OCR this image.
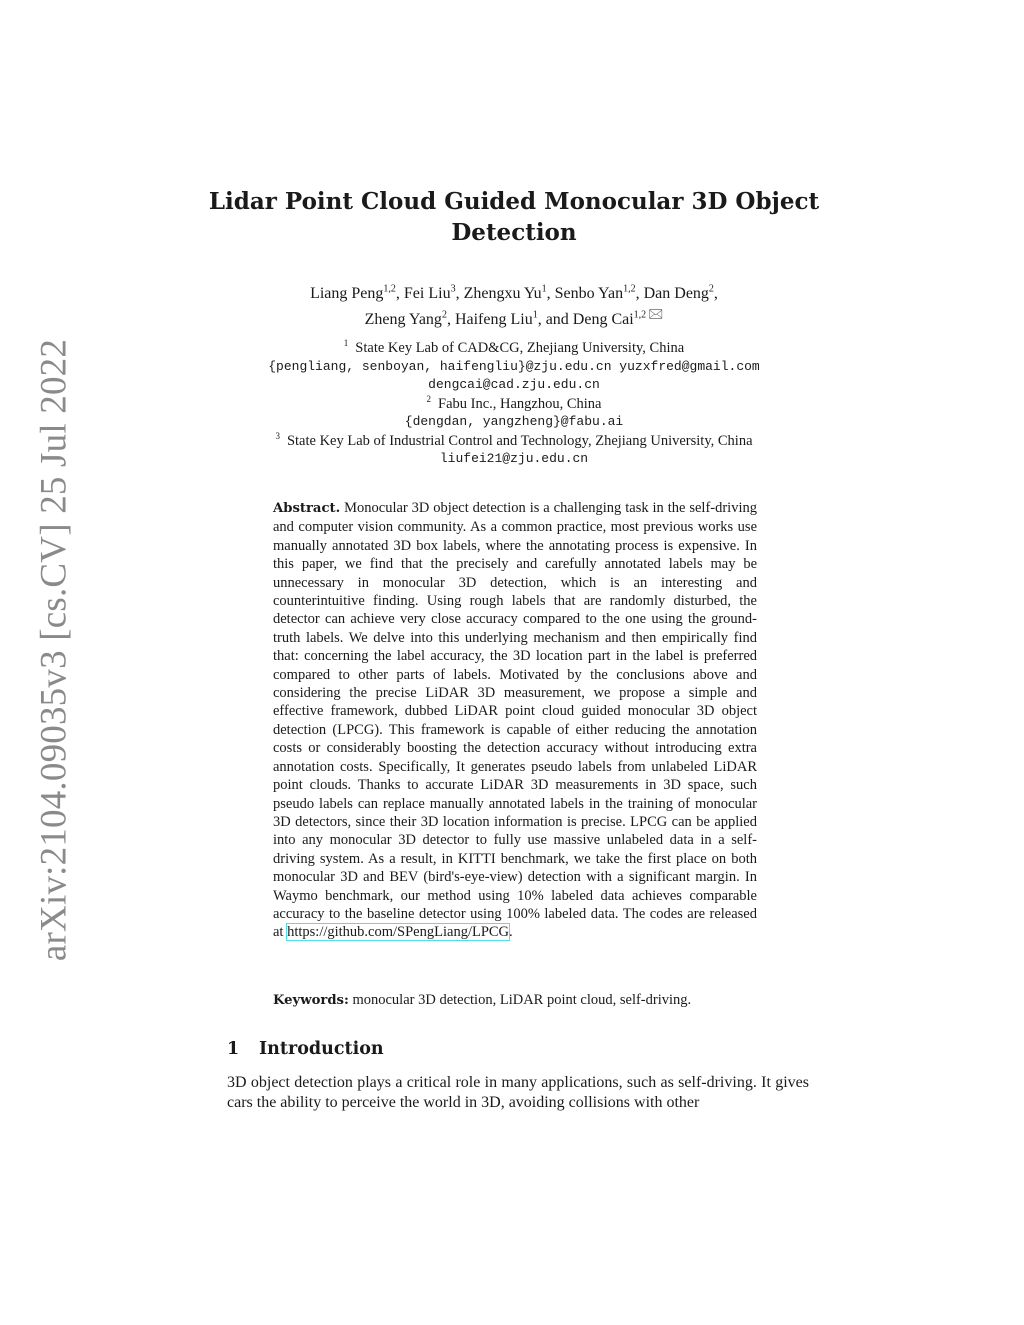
arXiv:2104.09035v3 [cs.CV] 25 Jul 2022
Lidar Point Cloud Guided Monocular 3D Object
Detection
Liang Peng$^{1,2}$, Fei Liu$^3$, Zhengxu Yu$^1$, Senbo Yan$^{1,2}$, Dan Deng$^2$,
Zheng Yang$^2$, Haifeng Liu$^1$, and Deng Cai$^{1,2}$ 🖂
$^1$ State Key Lab of CAD&CG, Zhejiang University, China
{pengliang, senboyan, haifengliu}@zju.edu.cn yuzxfred@gmail.com
dengcai@cad.zju.edu.cn
$^2$ Fabu Inc., Hangzhou, China
{dengdan, yangzheng}@fabu.ai
$^3$ State Key Lab of Industrial Control and Technology, Zhejiang University, China
liufei21@zju.edu.cn
Abstract. Monocular 3D object detection is a challenging task in the self-driving and computer vision community. As a common practice, most previous works use manually annotated 3D box labels, where the annotating process is expensive. In this paper, we find that the precisely and carefully annotated labels may be unnecessary in monocular 3D detection, which is an interesting and counterintuitive finding. Using rough labels that are randomly disturbed, the detector can achieve very close accuracy compared to the one using the ground-truth labels. We delve into this underlying mechanism and then empirically find that: concerning the label accuracy, the 3D location part in the label is preferred compared to other parts of labels. Motivated by the conclusions above and considering the precise LiDAR 3D measurement, we propose a simple and effective framework, dubbed LiDAR point cloud guided monocular 3D object detection (LPCG). This framework is capable of either reducing the annotation costs or considerably boosting the detection accuracy without introducing extra annotation costs. Specifically, It generates pseudo labels from unlabeled LiDAR point clouds. Thanks to accurate LiDAR 3D measurements in 3D space, such pseudo labels can replace manually annotated labels in the training of monocular 3D detectors, since their 3D location information is precise. LPCG can be applied into any monocular 3D detector to fully use massive unlabeled data in a self-driving system. As a result, in KITTI benchmark, we take the first place on both monocular 3D and BEV (bird's-eye-view) detection with a significant margin. In Waymo benchmark, our method using 10% labeled data achieves comparable accuracy to the baseline detector using 100% labeled data. The codes are released at https://github.com/SPengLiang/LPCG.
Keywords: monocular 3D detection, LiDAR point cloud, self-driving.
1 Introduction
3D object detection plays a critical role in many applications, such as self-driving. It gives cars the ability to perceive the world in 3D, avoiding collisions with other
